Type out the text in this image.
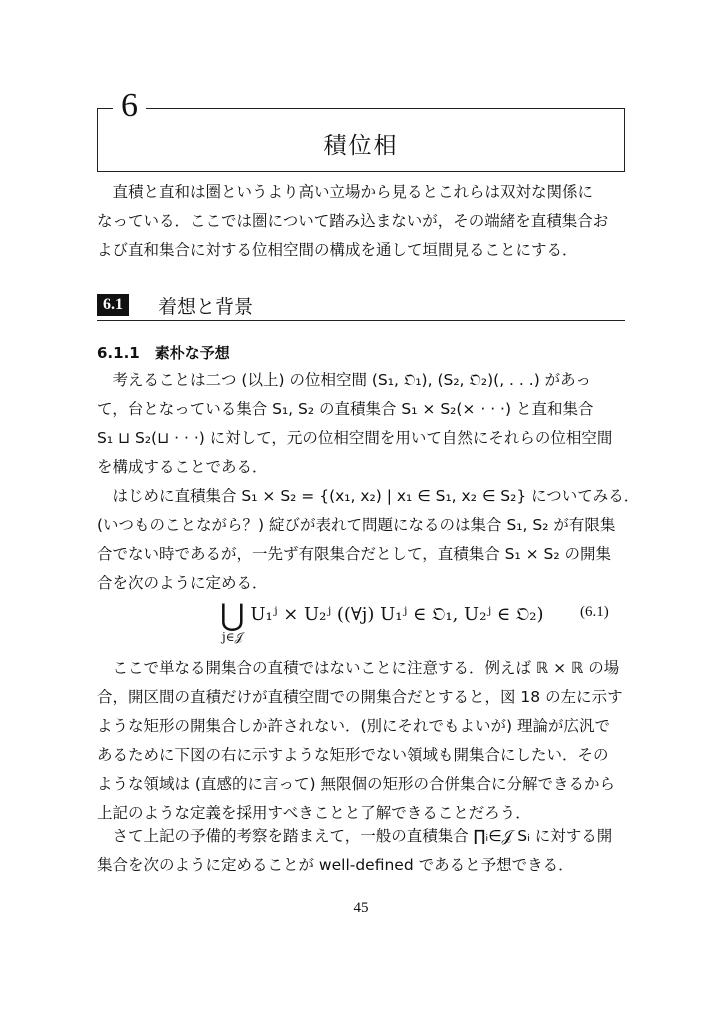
積位相
6
　直積と直和は圏というより高い立場から見るとこれらは双対な関係に
なっている．ここでは圏について踏み込まないが，その端緒を直積集合お
よび直和集合に対する位相空間の構成を通して垣間見ることにする．
6.1	着想と背景
6.1.1　素朴な予想
　考えることは二つ (以上) の位相空間 (S₁, 𝔒₁), (S₂, 𝔒₂)(, . . .) があっ
て，台となっている集合 S₁, S₂ の直積集合 S₁ × S₂(× · · ·) と直和集合
S₁ ⊔ S₂(⊔ · · ·) に対して，元の位相空間を用いて自然にそれらの位相空間
を構成することである．
　はじめに直積集合 S₁ × S₂ = {(x₁, x₂) | x₁ ∈ S₁, x₂ ∈ S₂} についてみる．
(いつものことながら？) 綻びが表れて問題になるのは集合 S₁, S₂ が有限集
合でない時であるが，一先ず有限集合だとして，直積集合 S₁ × S₂ の開集
合を次のように定める．
⋃ U₁ʲ × U₂ʲ ((∀j) U₁ʲ ∈ 𝔒₁, U₂ʲ ∈ 𝔒₂)
j∈𝒥
(6.1)
　ここで単なる開集合の直積ではないことに注意する．例えば ℝ × ℝ の場
合，開区間の直積だけが直積空間での開集合だとすると，図 18 の左に示す
ような矩形の開集合しか許されない．(別にそれでもよいが) 理論が広汎で
あるために下図の右に示すような矩形でない領域も開集合にしたい．その
ような領域は (直感的に言って) 無限個の矩形の合併集合に分解できるから
上記のような定義を採用すべきことと了解できることだろう．
　さて上記の予備的考察を踏まえて，一般の直積集合 ∏ᵢ∈𝒥 Sᵢ に対する開
集合を次のように定めることが well-defined であると予想できる．
45
